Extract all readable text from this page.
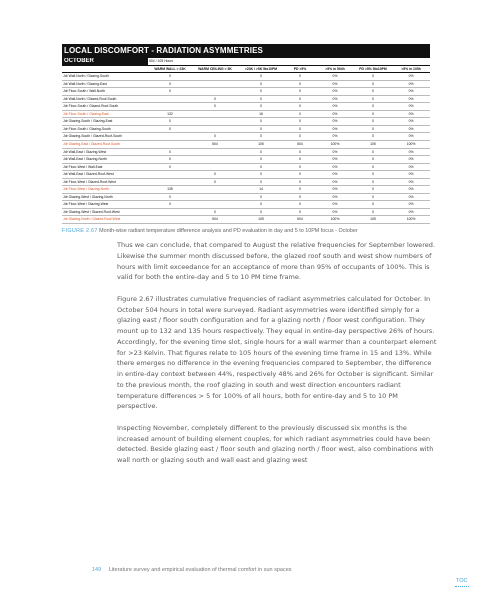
LOCAL DISCOMFORT - RADIATION ASYMMETRIES
OCTOBER	504 / 105 Hours						
	WARM WALL > 23K	WARM CEILING > 5K	>23K / >5K 5to10PM	PD >5%	>5% in 504h	PD >5% 5to10PM	>5% in 105h
Jdr Wall-North / Glazing-South	0		0	0	0%	0	0%
Jdr Wall-North / Glazing-East	0		0	0	0%	0	0%
Jdr Floor-South / Wall-North	0		0	0	0%	0	0%
Jdr Wall-North / Glazed-Roof-South		0	0	0	0%	0	0%
Jdr Floor-South / Glazed-Roof-South		0	0	0	0%	0	0%
Jdr Floor-South / Glazing-East	132		16	0	0%	0	0%
Jdr Glazing-South / Glazing-East	0		0	0	0%	0	0%
Jdr Floor-South / Glazing-South	0		0	0	0%	0	0%
Jdr Glazing-South / Glazed-Roof-South		0	0	0	0%	0	0%
Jdr Glazing-East / Glazed-Roof-South		504	105	504	100%	105	100%
Jdr Wall-East / Glazing-West	0		0	0	0%	0	0%
Jdr Wall-East / Glazing-North	0		0	0	0%	0	0%
Jdr Floor-West / Wall-East	0		0	0	0%	0	0%
Jdr Wall-East / Glazed-Roof-West		0	0	0	0%	0	0%
Jdr Floor-West / Glazed-Roof-West		0	0	0	0%	0	0%
Jdr Floor-West / Glazing-North	135		14	0	0%	0	0%
Jdr Glazing-West / Glazing-North	0		0	0	0%	0	0%
Jdr Floor-West / Glazing-West	0		0	0	0%	0	0%
Jdr Glazing-West / Glazed-Roof-West		0	0	0	0%	0	0%
Jdr Glazing-North / Glazed-Roof-West		504	105	504	100%	105	100%
FIGURE 2.67 Month-wise radiant temperature difference analysis and PD evaluation in day and 5 to 10PM focus - October

Thus we can conclude, that compared to August the relative frequencies for September lowered. Likewise the summer month discussed before, the glazed roof south and west show numbers of hours with limit exceedance for an acceptance of more than 95% of occupants of 100%. This is valid for both the entire-day and 5 to 10 PM time frame.

Figure 2.67 illustrates cumulative frequencies of radiant asymmetries calculated for October. In October 504 hours in total were surveyed. Radiant asymmetries were identified simply for a glazing east / floor south configuration and for a glazing north / floor west configuration. They mount up to 132 and 135 hours respectively. They equal in entire-day perspective 26% of hours. Accordingly, for the evening time slot, single hours for a wall warmer than a counterpart element for >23 Kelvin. That figures relate to 105 hours of the evening time frame in 15 and 13%. While there emerges no difference in the evening frequencies compared to September, the difference in entire-day context between 44%, respectively 48% and 26% for October is significant. Similar to the previous month, the roof glazing in south and west direction encounters radiant temperature differences > 5 for 100% of all hours, both for entire-day and 5 to 10 PM perspective.

Inspecting November, completely different to the previously discussed six months is the increased amount of building element couples, for which radiant asymmetries could have been detected. Beside glazing east / floor south and glazing north / floor west, also combinations with wall north or glazing south and wall east and glazing west

149 Literature survey and empirical evaluation of thermal comfort in sun spaces
TOC
